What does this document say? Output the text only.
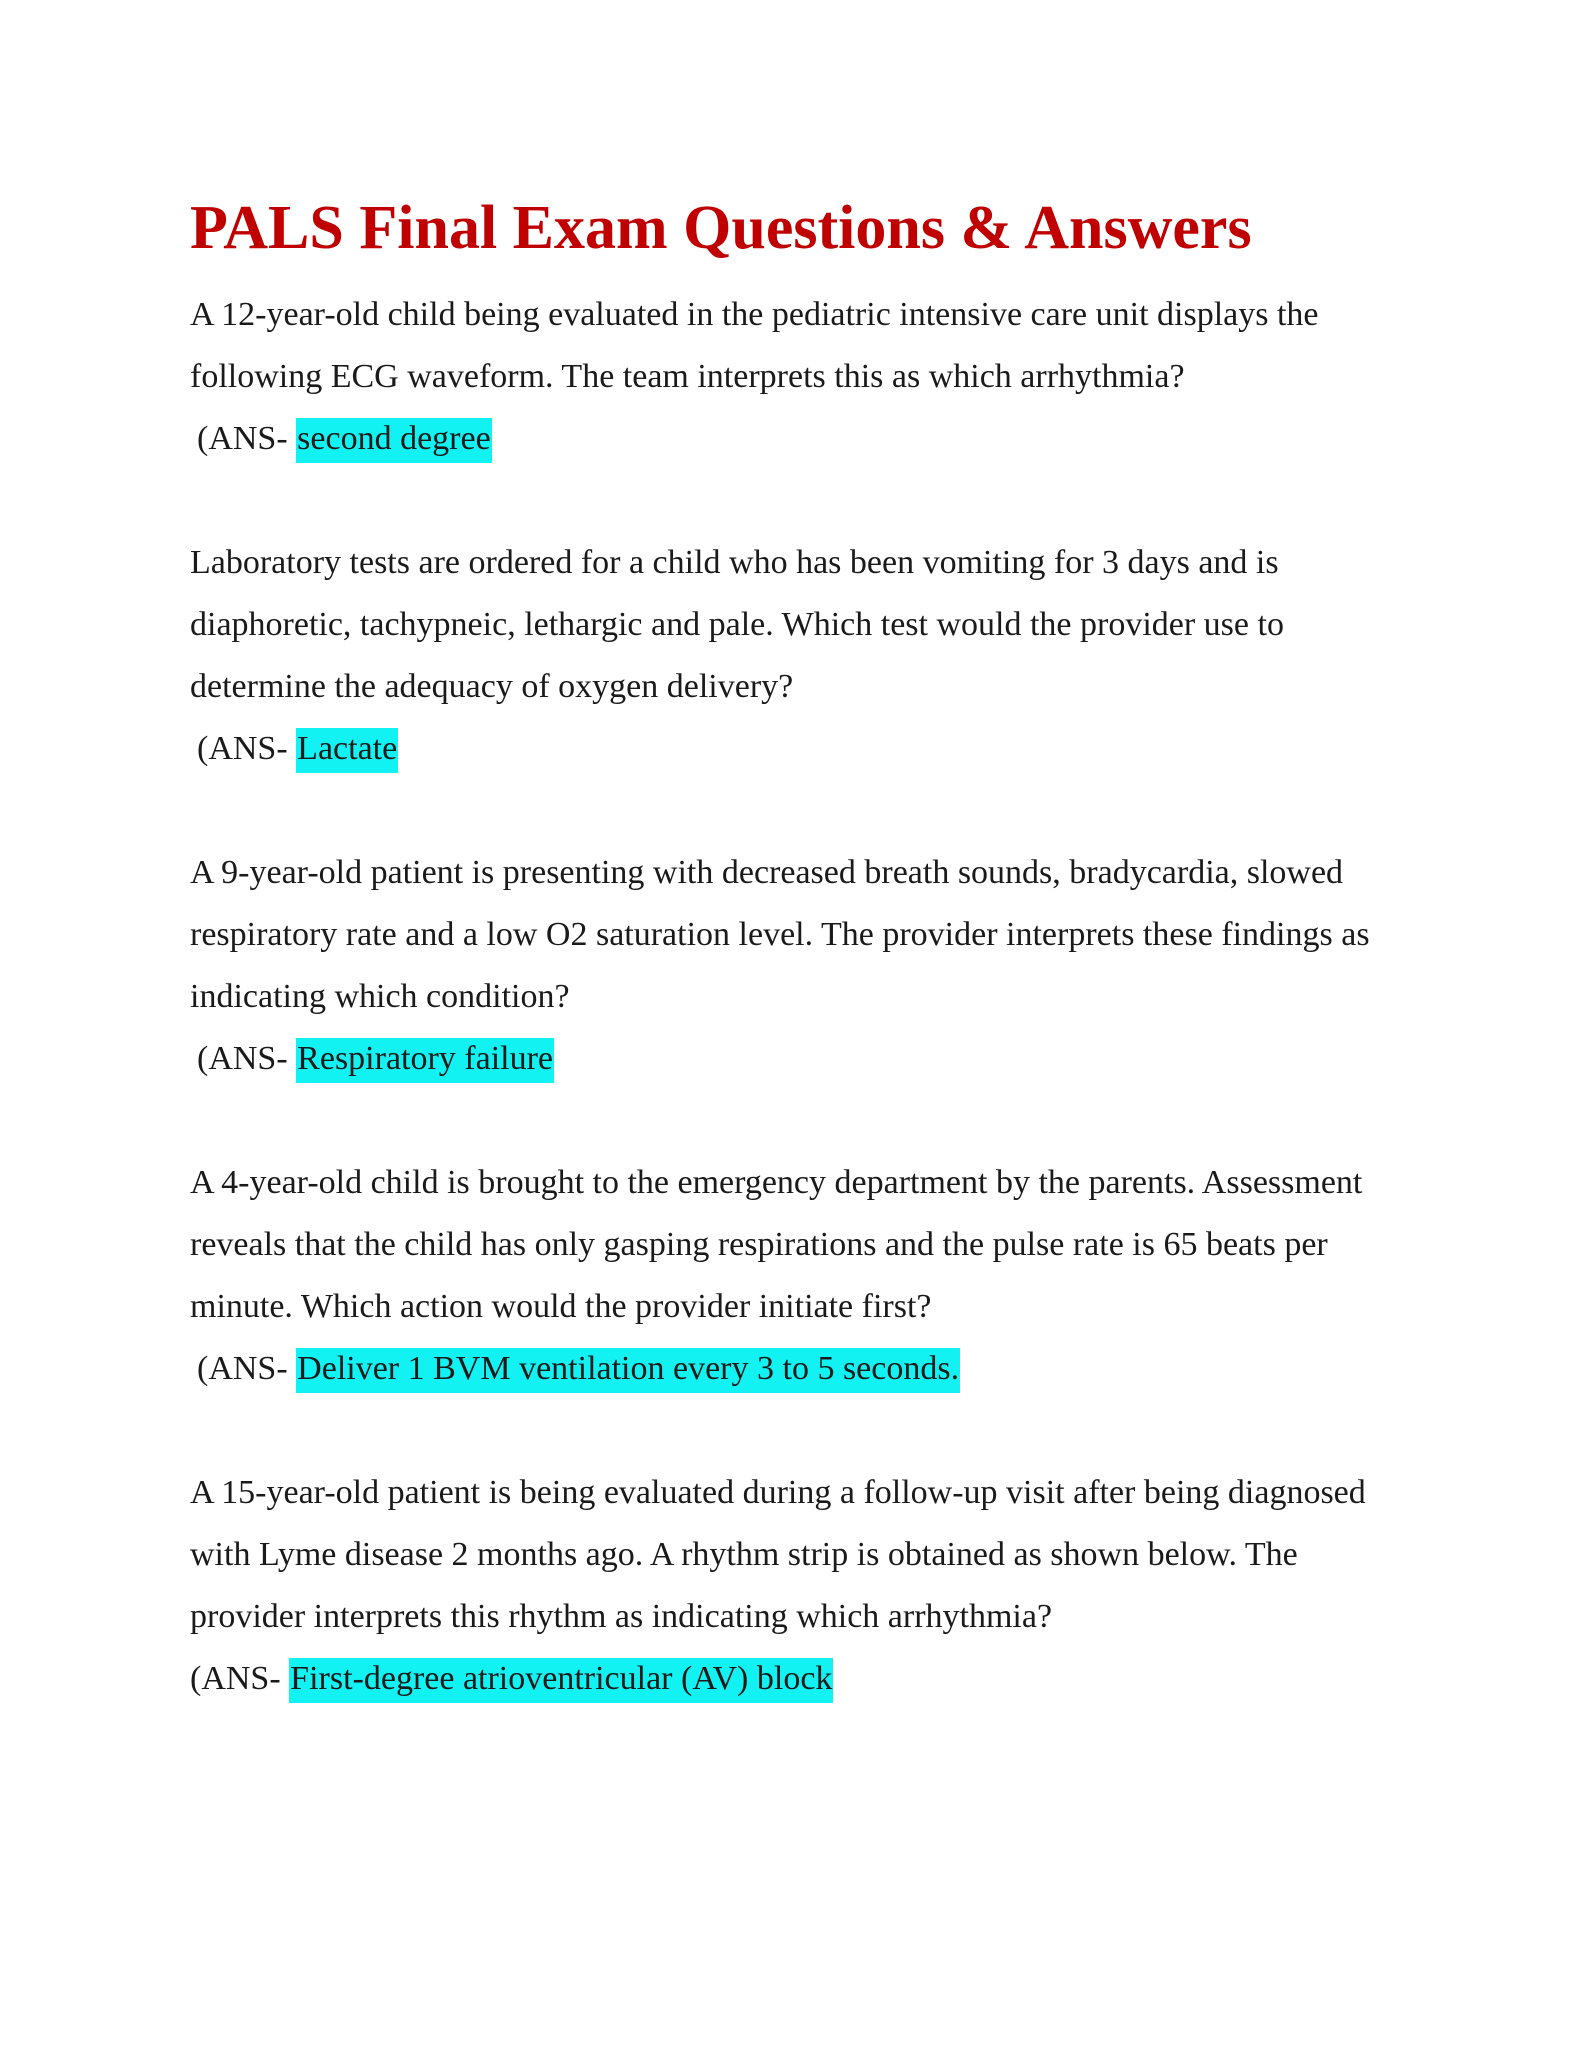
PALS Final Exam Questions & Answers

A 12-year-old child being evaluated in the pediatric intensive care unit displays the following ECG waveform. The team interprets this as which arrhythmia?

(ANS- second degree

Laboratory tests are ordered for a child who has been vomiting for 3 days and is diaphoretic, tachypneic, lethargic and pale. Which test would the provider use to determine the adequacy of oxygen delivery?

(ANS- Lactate

A 9-year-old patient is presenting with decreased breath sounds, bradycardia, slowed respiratory rate and a low O2 saturation level. The provider interprets these findings as indicating which condition?

(ANS- Respiratory failure

A 4-year-old child is brought to the emergency department by the parents. Assessment reveals that the child has only gasping respirations and the pulse rate is 65 beats per minute. Which action would the provider initiate first?

(ANS- Deliver 1 BVM ventilation every 3 to 5 seconds.

A 15-year-old patient is being evaluated during a follow-up visit after being diagnosed with Lyme disease 2 months ago. A rhythm strip is obtained as shown below. The provider interprets this rhythm as indicating which arrhythmia?

(ANS- First-degree atrioventricular (AV) block
